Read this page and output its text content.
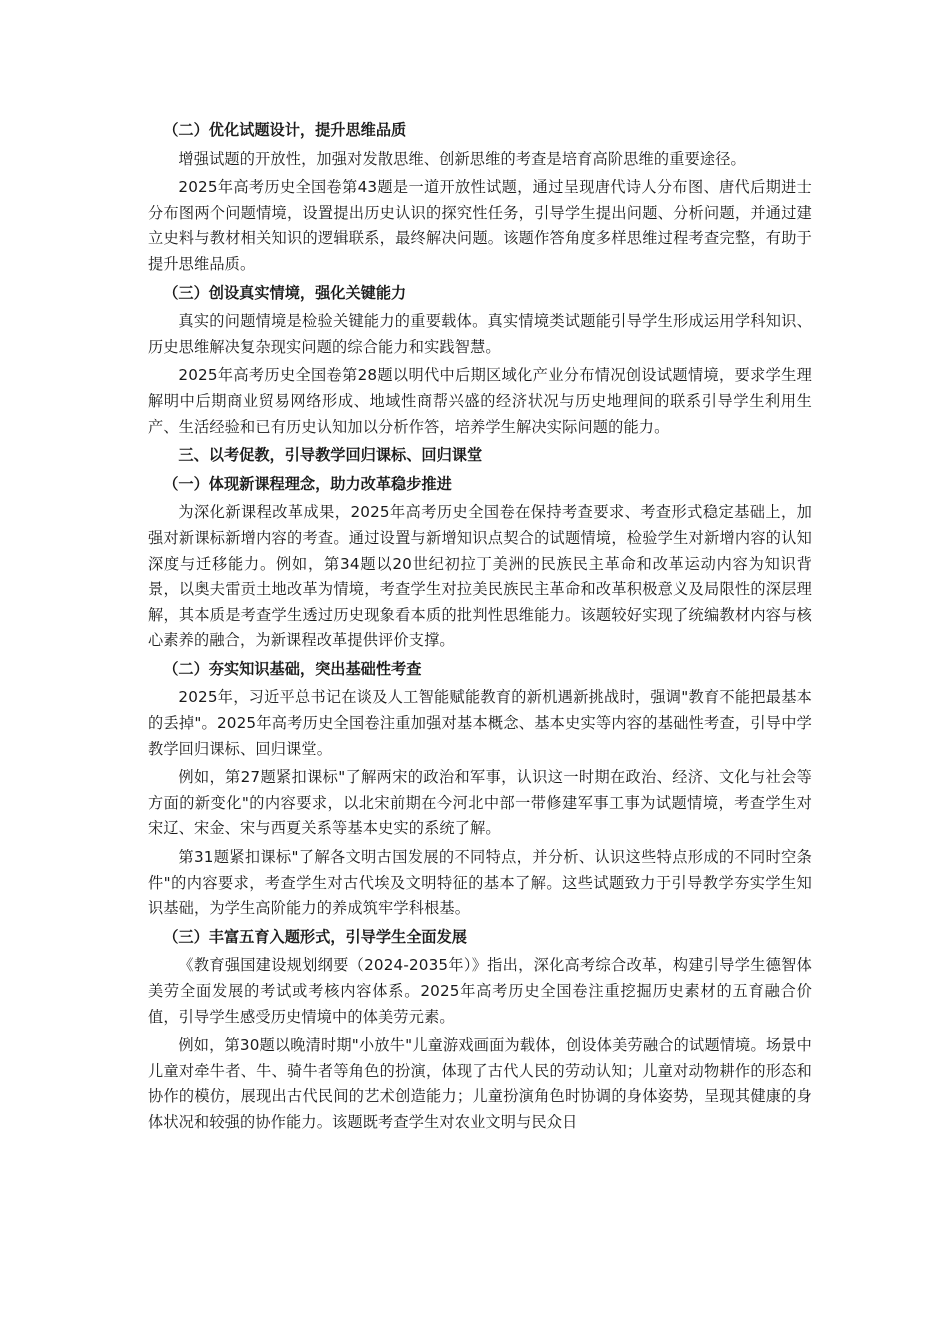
（二）优化试题设计，提升思维品质

增强试题的开放性，加强对发散思维、创新思维的考查是培育高阶思维的重要途径。

2025年高考历史全国卷第43题是一道开放性试题，通过呈现唐代诗人分布图、唐代后期进士分布图两个问题情境，设置提出历史认识的探究性任务，引导学生提出问题、分析问题，并通过建立史料与教材相关知识的逻辑联系，最终解决问题。该题作答角度多样思维过程考查完整，有助于提升思维品质。

（三）创设真实情境，强化关键能力

真实的问题情境是检验关键能力的重要载体。真实情境类试题能引导学生形成运用学科知识、历史思维解决复杂现实问题的综合能力和实践智慧。

2025年高考历史全国卷第28题以明代中后期区域化产业分布情况创设试题情境，要求学生理解明中后期商业贸易网络形成、地域性商帮兴盛的经济状况与历史地理间的联系引导学生利用生产、生活经验和已有历史认知加以分析作答，培养学生解决实际问题的能力。

三、以考促教，引导教学回归课标、回归课堂
（一）体现新课程理念，助力改革稳步推进

为深化新课程改革成果，2025年高考历史全国卷在保持考查要求、考查形式稳定基础上，加强对新课标新增内容的考查。通过设置与新增知识点契合的试题情境，检验学生对新增内容的认知深度与迁移能力。例如，第34题以20世纪初拉丁美洲的民族民主革命和改革运动内容为知识背景，以奥夫雷贡土地改革为情境，考查学生对拉美民族民主革命和改革积极意义及局限性的深层理解，其本质是考查学生透过历史现象看本质的批判性思维能力。该题较好实现了统编教材内容与核心素养的融合，为新课程改革提供评价支撑。

（二）夯实知识基础，突出基础性考查

2025年，习近平总书记在谈及人工智能赋能教育的新机遇新挑战时，强调"教育不能把最基本的丢掉"。2025年高考历史全国卷注重加强对基本概念、基本史实等内容的基础性考查，引导中学教学回归课标、回归课堂。

例如，第27题紧扣课标"了解两宋的政治和军事，认识这一时期在政治、经济、文化与社会等方面的新变化"的内容要求，以北宋前期在今河北中部一带修建军事工事为试题情境，考查学生对宋辽、宋金、宋与西夏关系等基本史实的系统了解。

第31题紧扣课标"了解各文明古国发展的不同特点，并分析、认识这些特点形成的不同时空条件"的内容要求，考查学生对古代埃及文明特征的基本了解。这些试题致力于引导教学夯实学生知识基础，为学生高阶能力的养成筑牢学科根基。

（三）丰富五育入题形式，引导学生全面发展

《教育强国建设规划纲要（2024-2035年）》指出，深化高考综合改革，构建引导学生德智体美劳全面发展的考试或考核内容体系。2025年高考历史全国卷注重挖掘历史素材的五育融合价值，引导学生感受历史情境中的体美劳元素。

例如，第30题以晚清时期"小放牛"儿童游戏画面为载体，创设体美劳融合的试题情境。场景中儿童对牵牛者、牛、骑牛者等角色的扮演，体现了古代人民的劳动认知；儿童对动物耕作的形态和协作的模仿，展现出古代民间的艺术创造能力；儿童扮演角色时协调的身体姿势，呈现其健康的身体状况和较强的协作能力。该题既考查学生对农业文明与民众日
